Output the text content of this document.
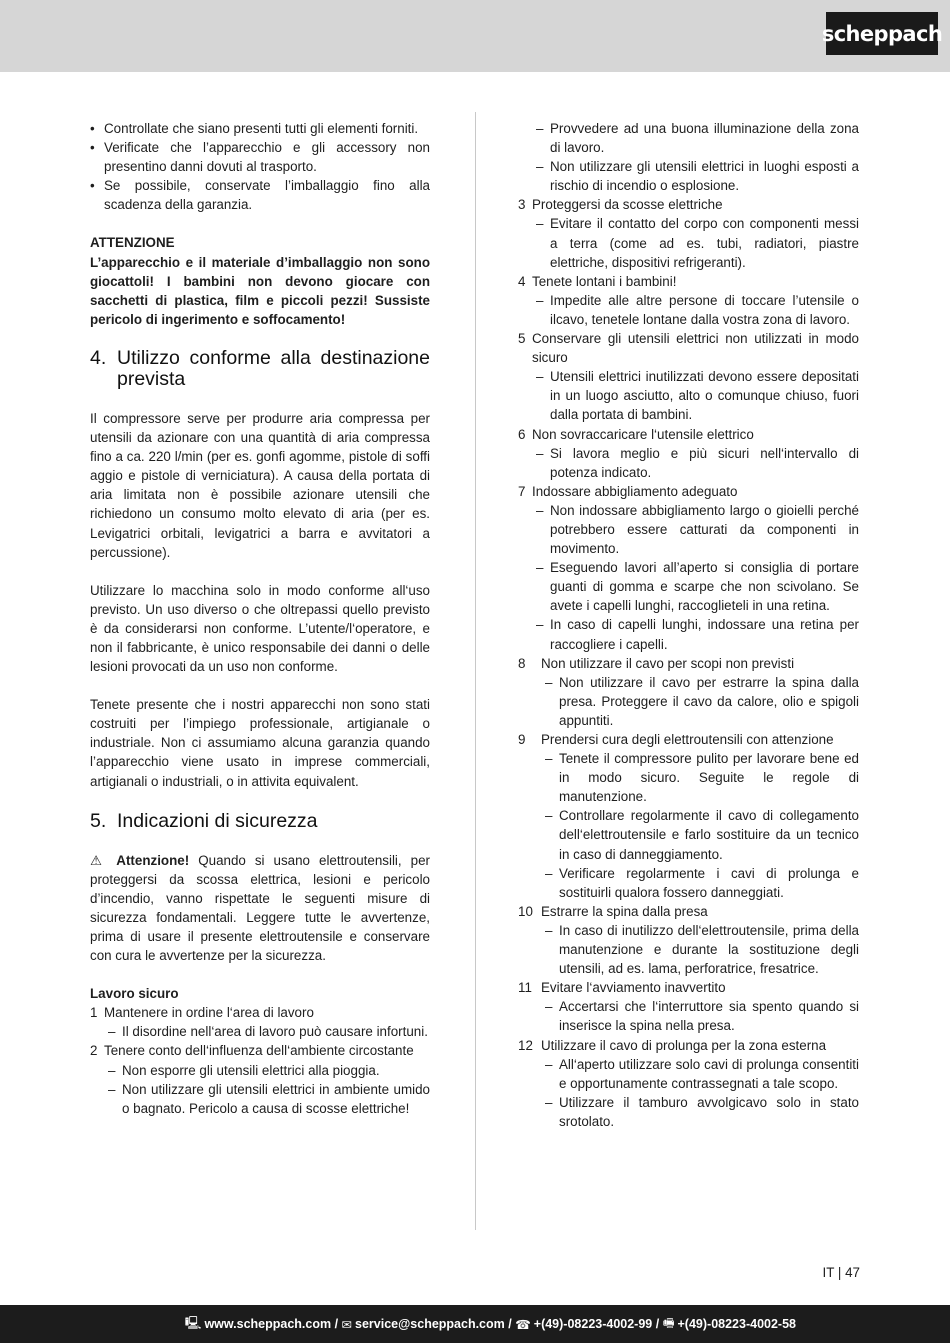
scheppach
• Controllate che siano presenti tutti gli elementi forniti.
• Verificate che l’apparecchio e gli accessory non presentino danni dovuti al trasporto.
• Se possibile, conservate l’imballaggio fino alla scadenza della garanzia.
ATTENZIONE
L’apparecchio e il materiale d’imballaggio non sono giocattoli! I bambini non devono giocare con sacchetti di plastica, film e piccoli pezzi! Sussiste pericolo di ingerimento e soffocamento!
4. Utilizzo conforme alla destinazione prevista
Il compressore serve per produrre aria compressa per utensili da azionare con una quantità di aria compressa fino a ca. 220 l/min (per es. gonfi agomme, pistole di soffi aggio e pistole di verniciatura). A causa della portata di aria limitata non è possibile azionare utensili che richiedono un consumo molto elevato di aria (per es. Levigatrici orbitali, levigatrici a barra e avvitatori a percussione).
Utilizzare lo macchina solo in modo conforme all‘uso previsto. Un uso diverso o che oltrepassi quello previsto è da considerarsi non conforme. L’utente/l‘operatore, e non il fabbricante, è unico responsabile dei danni o delle lesioni provocati da un uso non conforme.
Tenete presente che i nostri apparecchi non sono stati costruiti per l’impiego professionale, artigianale o industriale. Non ci assumiamo alcuna garanzia quando l’apparecchio viene usato in imprese commerciali, artigianali o industriali, o in attivita equivalent.
5. Indicazioni di sicurezza
⚠ Attenzione! Quando si usano elettroutensili, per proteggersi da scossa elettrica, lesioni e pericolo d’incendio, vanno rispettate le seguenti misure di sicurezza fondamentali. Leggere tutte le avvertenze, prima di usare il presente elettroutensile e conservare con cura le avvertenze per la sicurezza.
Lavoro sicuro
1 Mantenere in ordine l‘area di lavoro
– Il disordine nell‘area di lavoro può causare infortuni.
2 Tenere conto dell‘influenza dell‘ambiente circostante
– Non esporre gli utensili elettrici alla pioggia.
– Non utilizzare gli utensili elettrici in ambiente umido o bagnato. Pericolo a causa di scosse elettriche!
– Provvedere ad una buona illuminazione della zona di lavoro.
– Non utilizzare gli utensili elettrici in luoghi esposti a rischio di incendio o esplosione.
3 Proteggersi da scosse elettriche
– Evitare il contatto del corpo con componenti messi a terra (come ad es. tubi, radiatori, piastre elettriche, dispositivi refrigeranti).
4 Tenete lontani i bambini!
– Impedite alle altre persone di toccare l’utensile o ilcavo, tenetele lontane dalla vostra zona di lavoro.
5 Conservare gli utensili elettrici non utilizzati in modo sicuro
– Utensili elettrici inutilizzati devono essere depositati in un luogo asciutto, alto o comunque chiuso, fuori dalla portata di bambini.
6 Non sovraccaricare l‘utensile elettrico
– Si lavora meglio e più sicuri nell‘intervallo di potenza indicato.
7 Indossare abbigliamento adeguato
– Non indossare abbigliamento largo o gioielli perché potrebbero essere catturati da componenti in movimento.
– Eseguendo lavori all’aperto si consiglia di portare guanti di gomma e scarpe che non scivolano. Se avete i capelli lunghi, raccoglieteli in una retina.
– In caso di capelli lunghi, indossare una retina per raccogliere i capelli.
8 Non utilizzare il cavo per scopi non previsti
– Non utilizzare il cavo per estrarre la spina dalla presa. Proteggere il cavo da calore, olio e spigoli appuntiti.
9 Prendersi cura degli elettroutensili con attenzione
– Tenete il compressore pulito per lavorare bene ed in modo sicuro. Seguite le regole di manutenzione.
– Controllare regolarmente il cavo di collegamento dell‘elettroutensile e farlo sostituire da un tecnico in caso di danneggiamento.
– Verificare regolarmente i cavi di prolunga e sostituirli qualora fossero danneggiati.
10 Estrarre la spina dalla presa
– In caso di inutilizzo dell‘elettroutensile, prima della manutenzione e durante la sostituzione degli utensili, ad es. lama, perforatrice, fresatrice.
11 Evitare l‘avviamento inavvertito
– Accertarsi che l‘interruttore sia spento quando si inserisce la spina nella presa.
12 Utilizzare il cavo di prolunga per la zona esterna
– All‘aperto utilizzare solo cavi di prolunga consentiti e opportunamente contrassegnati a tale scopo.
– Utilizzare il tamburo avvolgicavo solo in stato srotolato.
IT | 47
🖳 www.scheppach.com / ✉ service@scheppach.com / ☎ +(49)-08223-4002-99 / 🖷 +(49)-08223-4002-58
